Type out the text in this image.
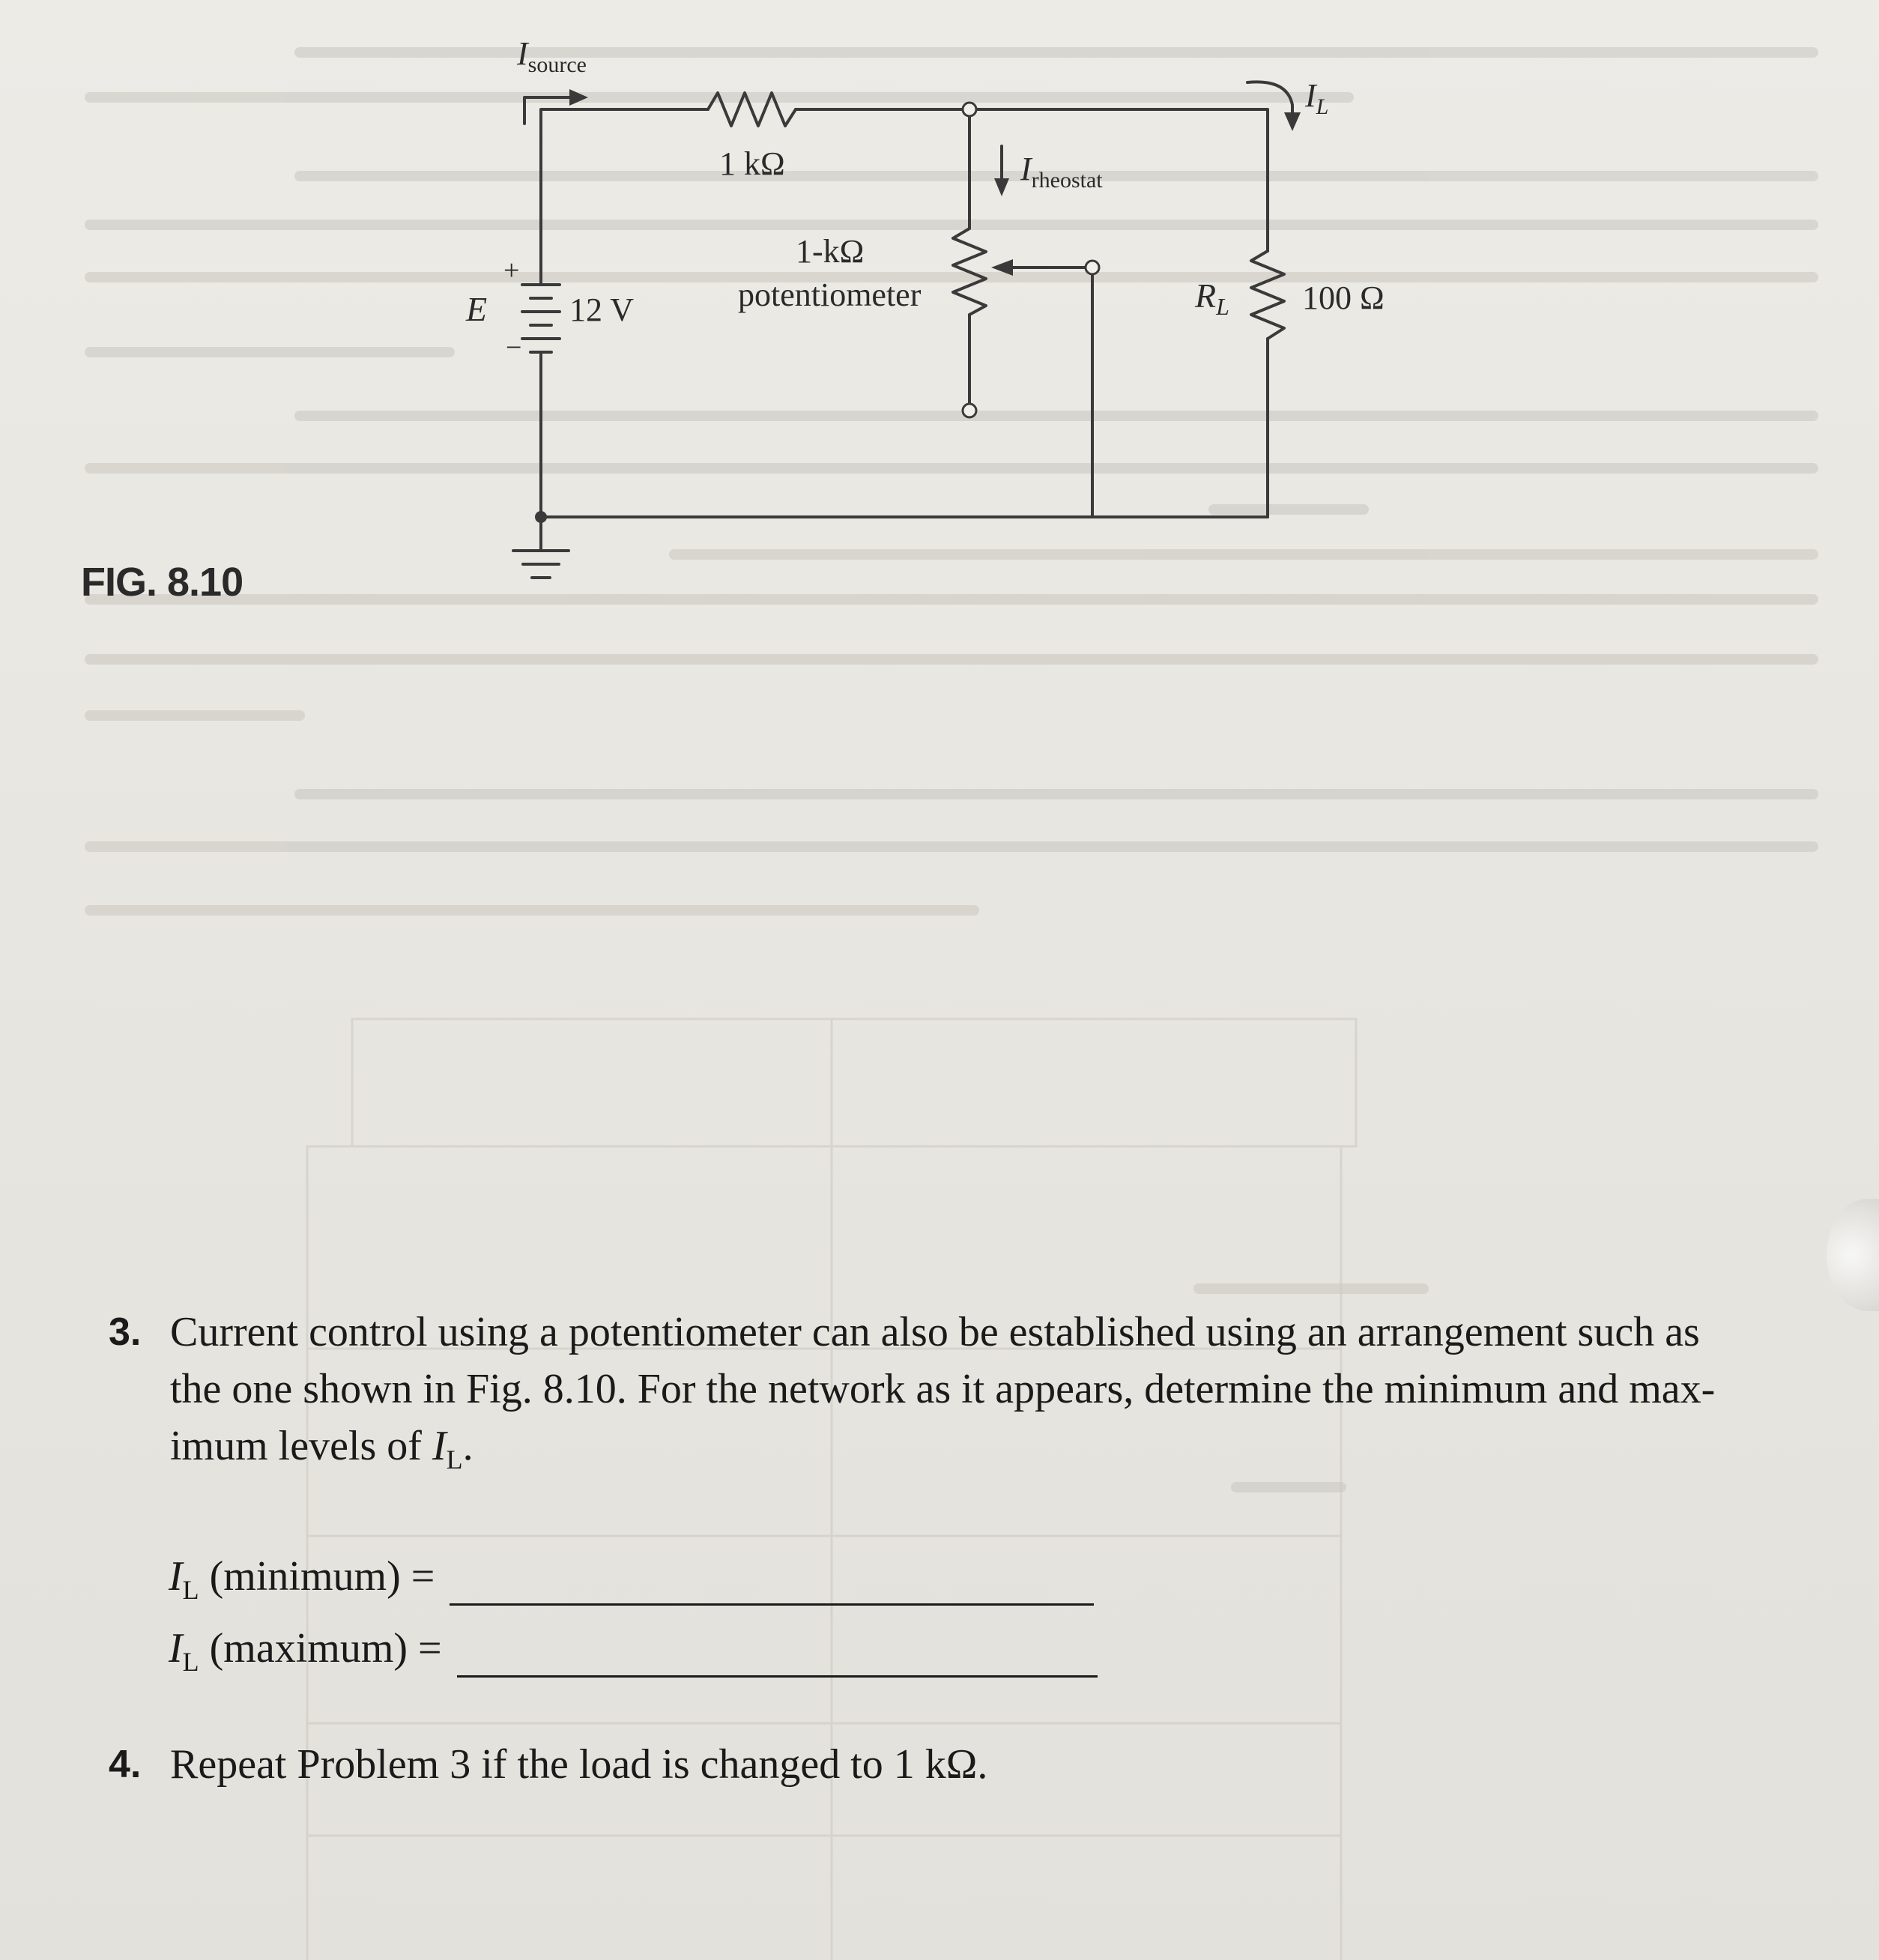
$I_{source}$
1 kΩ	$I_{rheostat}$
1-kΩ
potentiometer
+
−
E 12 V	$R_L$ 100 Ω
$I_L$
FIG. 8.10
3. Current control using a potentiometer can also be established using an arrangement such as
the one shown in Fig. 8.10. For the network as it appears, determine the minimum and max-
imum levels of $I_L$.
$I_L$ (minimum) =
$I_L$ (maximum) =
4. Repeat Problem 3 if the load is changed to 1 kΩ.
